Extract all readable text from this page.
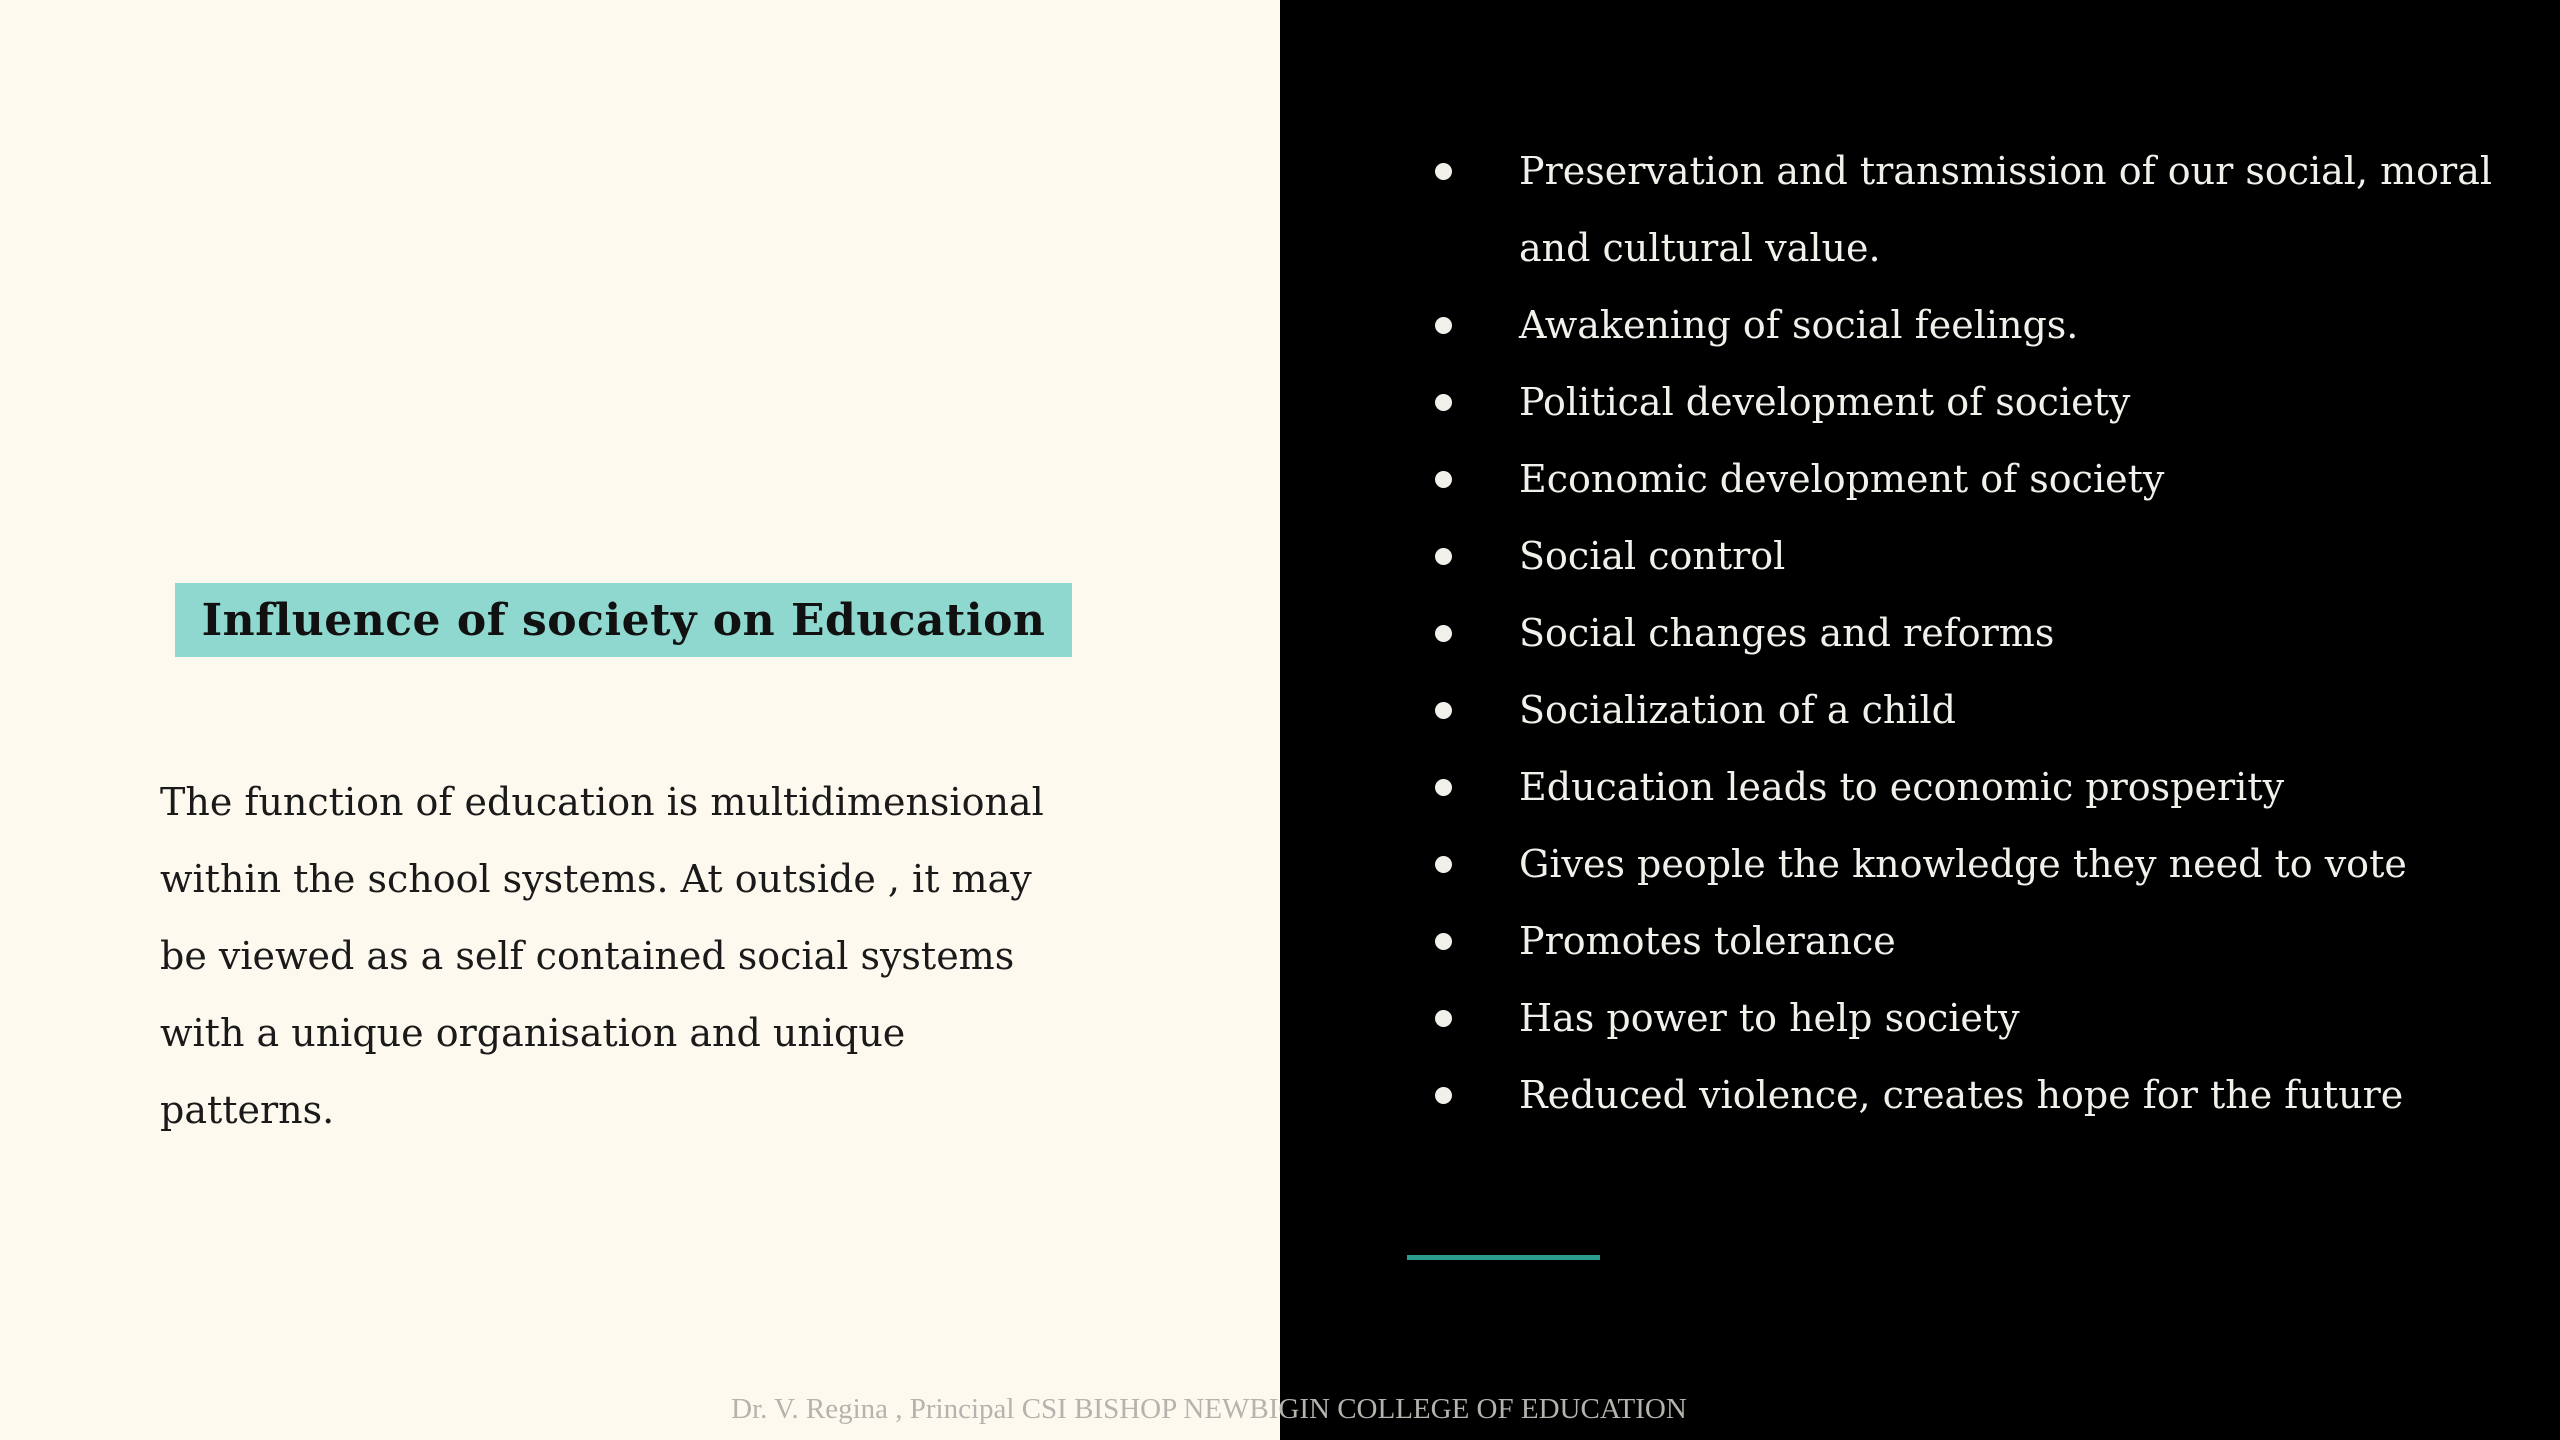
Influence of society on Education

The function of education is multidimensional within the school systems. At outside , it may be viewed as a self contained social systems with a unique organisation and unique patterns.

Preservation and transmission of our social, moral and cultural value.
Awakening of social feelings.
Political development of society
Economic development of society
Social control
Social changes and reforms
Socialization of a child
Education leads to economic prosperity
Gives people the knowledge they need to vote
Promotes tolerance
Has power to help society
Reduced violence, creates hope for the future
Dr. V. Regina , Principal CSI BISHOP NEWBIGIN COLLEGE OF EDUCATION
